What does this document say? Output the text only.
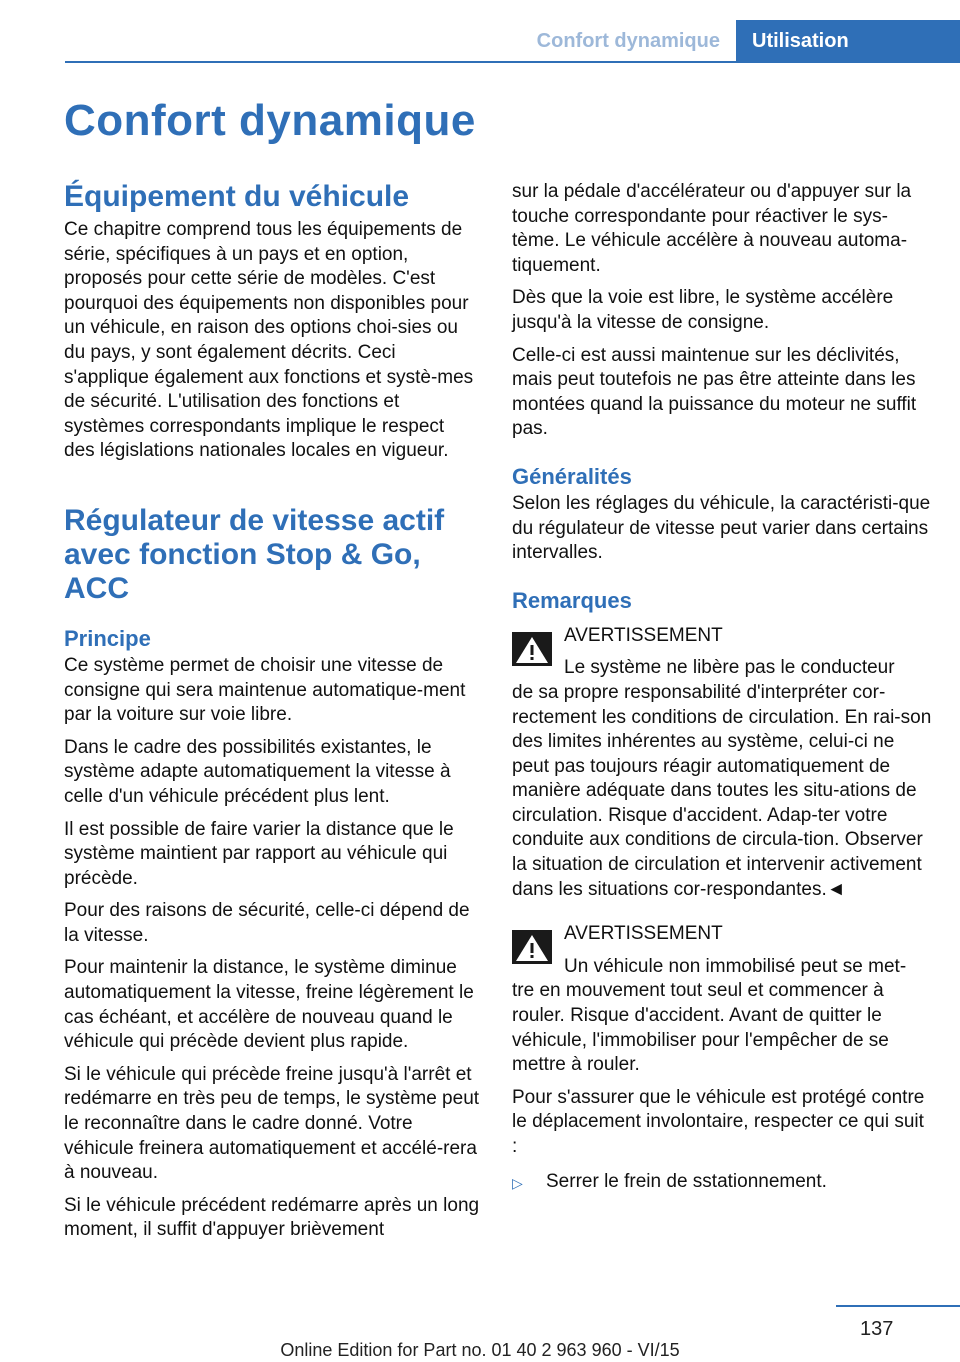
Confort dynamique	Utilisation
Confort dynamique
Équipement du véhicule

Ce chapitre comprend tous les équipements de série, spécifiques à un pays et en option, proposés pour cette série de modèles. C'est pourquoi des équipements non disponibles pour un véhicule, en raison des options choi-sies ou du pays, y sont également décrits. Ceci s'applique également aux fonctions et systè-mes de sécurité. L'utilisation des fonctions et systèmes correspondants implique le respect des législations nationales locales en vigueur.

Régulateur de vitesse actif avec fonction Stop & Go, ACC
Principe

Ce système permet de choisir une vitesse de consigne qui sera maintenue automatique-ment par la voiture sur voie libre.

Dans le cadre des possibilités existantes, le système adapte automatiquement la vitesse à celle d'un véhicule précédent plus lent.

Il est possible de faire varier la distance que le système maintient par rapport au véhicule qui précède.

Pour des raisons de sécurité, celle-ci dépend de la vitesse.

Pour maintenir la distance, le système diminue automatiquement la vitesse, freine légèrement le cas échéant, et accélère de nouveau quand le véhicule qui précède devient plus rapide.

Si le véhicule qui précède freine jusqu'à l'arrêt et redémarre en très peu de temps, le système peut le reconnaître dans le cadre donné. Votre véhicule freinera automatiquement et accélé-rera à nouveau.

Si le véhicule précédent redémarre après un long moment, il suffit d'appuyer brièvement

sur la pédale d'accélérateur ou d'appuyer sur la touche correspondante pour réactiver le sys-tème. Le véhicule accélère à nouveau automa-tiquement.

Dès que la voie est libre, le système accélère jusqu'à la vitesse de consigne.

Celle-ci est aussi maintenue sur les déclivités, mais peut toutefois ne pas être atteinte dans les montées quand la puissance du moteur ne suffit pas.

Généralités

Selon les réglages du véhicule, la caractéristi-que du régulateur de vitesse peut varier dans certains intervalles.

Remarques
AVERTISSEMENT
Le système ne libère pas le conducteur
de sa propre responsabilité d'interpréter cor-rectement les conditions de circulation. En rai-son des limites inhérentes au système, celui-ci ne peut pas toujours réagir automatiquement de manière adéquate dans toutes les situ-ations de circulation. Risque d'accident. Adap-ter votre conduite aux conditions de circula-tion. Observer la situation de circulation et intervenir activement dans les situations cor-respondantes.◄
AVERTISSEMENT
Un véhicule non immobilisé peut se met-
tre en mouvement tout seul et commencer à rouler. Risque d'accident. Avant de quitter le véhicule, l'immobiliser pour l'empêcher de se mettre à rouler.

Pour s'assurer que le véhicule est protégé contre le déplacement involontaire, respecter ce qui suit :

▷	Serrer le frein de sstationnement.
137
Online Edition for Part no. 01 40 2 963 960 - VI/15
